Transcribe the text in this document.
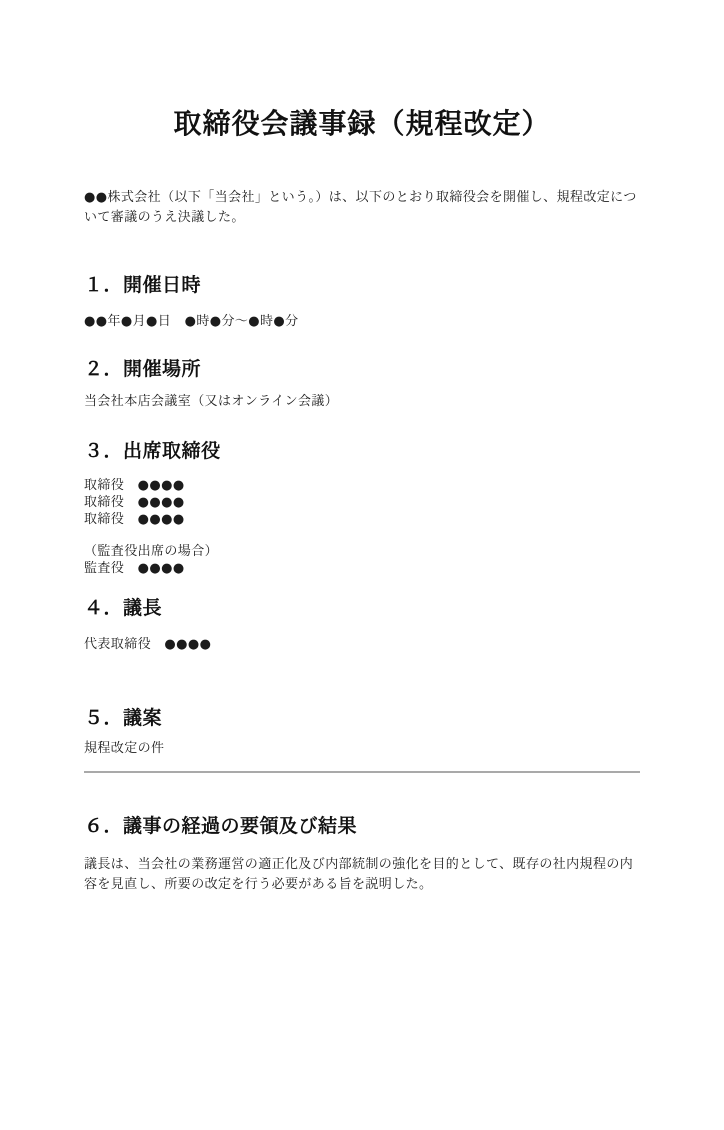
取締役会議事録（規程改定）

●●株式会社（以下「当会社」という。）は、以下のとおり取締役会を開催し、規程改定について審議のうえ決議した。

１．開催日時

●●年●月●日　●時●分～●時●分

２．開催場所

当会社本店会議室（又はオンライン会議）

３．出席取締役

取締役　●●●●

取締役　●●●●

取締役　●●●●

（監査役出席の場合）

監査役　●●●●

４．議長

代表取締役　●●●●

５．議案

規程改定の件

６．議事の経過の要領及び結果

議長は、当会社の業務運営の適正化及び内部統制の強化を目的として、既存の社内規程の内容を見直し、所要の改定を行う必要がある旨を説明した。
